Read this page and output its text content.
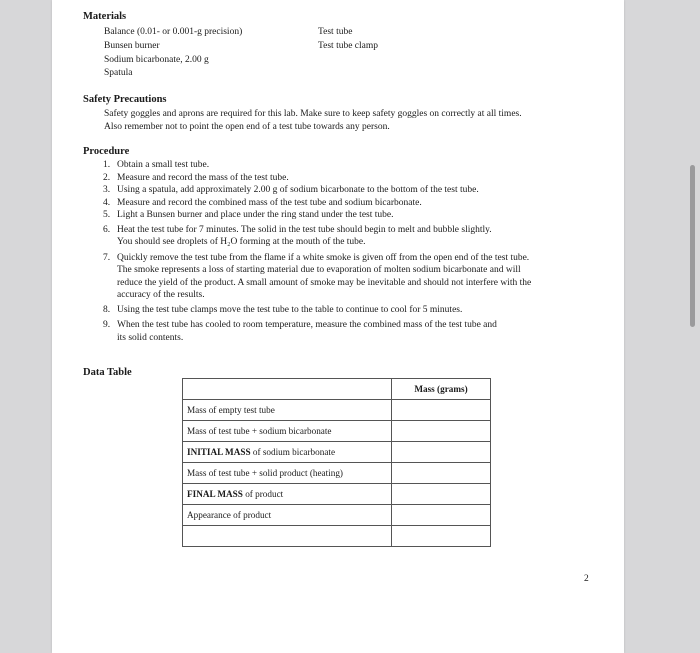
Materials
Balance (0.01- or 0.001-g precision)
Bunsen burner
Sodium bicarbonate, 2.00 g
Spatula
Test tube
Test tube clamp
Safety Precautions
Safety goggles and aprons are required for this lab. Make sure to keep safety goggles on correctly at all times.
Also remember not to point the open end of a test tube towards any person.
Procedure
1. Obtain a small test tube.
2. Measure and record the mass of the test tube.
3. Using a spatula, add approximately 2.00 g of sodium bicarbonate to the bottom of the test tube.
4. Measure and record the combined mass of the test tube and sodium bicarbonate.
5. Light a Bunsen burner and place under the ring stand under the test tube.
6. Heat the test tube for 7 minutes. The solid in the test tube should begin to melt and bubble slightly.
You should see droplets of H₂O forming at the mouth of the tube.
7. Quickly remove the test tube from the flame if a white smoke is given off from the open end of the test tube.
The smoke represents a loss of starting material due to evaporation of molten sodium bicarbonate and will
reduce the yield of the product. A small amount of smoke may be inevitable and should not interfere with the
accuracy of the results.
8. Using the test tube clamps move the test tube to the table to continue to cool for 5 minutes.
9. When the test tube has cooled to room temperature, measure the combined mass of the test tube and
its solid contents.
Data Table
	Mass (grams)
Mass of empty test tube	
Mass of test tube + sodium bicarbonate	
INITIAL MASS of sodium bicarbonate	
Mass of test tube + solid product (heating)	
FINAL MASS of product	
Appearance of product	

2
